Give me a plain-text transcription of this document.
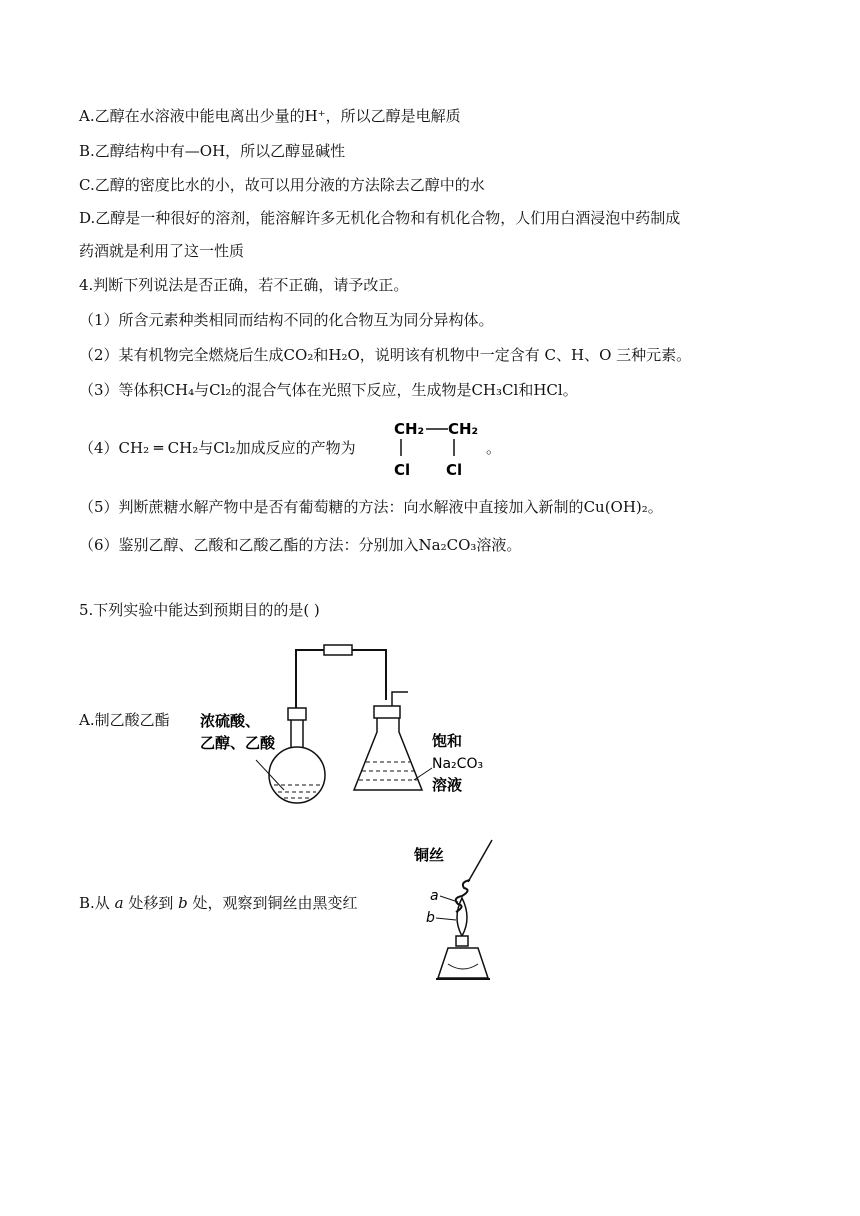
A.乙醇在水溶液中能电离出少量的H⁺，所以乙醇是电解质
B.乙醇结构中有—OH，所以乙醇显碱性
C.乙醇的密度比水的小，故可以用分液的方法除去乙醇中的水
D.乙醇是一种很好的溶剂，能溶解许多无机化合物和有机化合物，人们用白酒浸泡中药制成
药酒就是利用了这一性质
4.判断下列说法是否正确，若不正确，请予改正。
（1）所含元素种类相同而结构不同的化合物互为同分异构体。
（2）某有机物完全燃烧后生成CO₂和H₂O，说明该有机物中一定含有 C、H、O 三种元素。
（3）等体积CH₄与Cl₂的混合气体在光照下反应，生成物是CH₃Cl和HCl。
（4）CH₂ ═ CH₂与Cl₂加成反应的产物为
CH₂ CH₂
Cl Cl
。
（5）判断蔗糖水解产物中是否有葡萄糖的方法：向水解液中直接加入新制的Cu(OH)₂。
（6）鉴别乙醇、乙酸和乙酸乙酯的方法：分别加入Na₂CO₃溶液。
5.下列实验中能达到预期目的的是( )
A.制乙酸乙酯 浓硫酸、
乙醇、乙酸	饱和
Na₂CO₃
溶液
B.从 a 处移到 b 处，观察到铜丝由黑变红
铜丝
a
b
